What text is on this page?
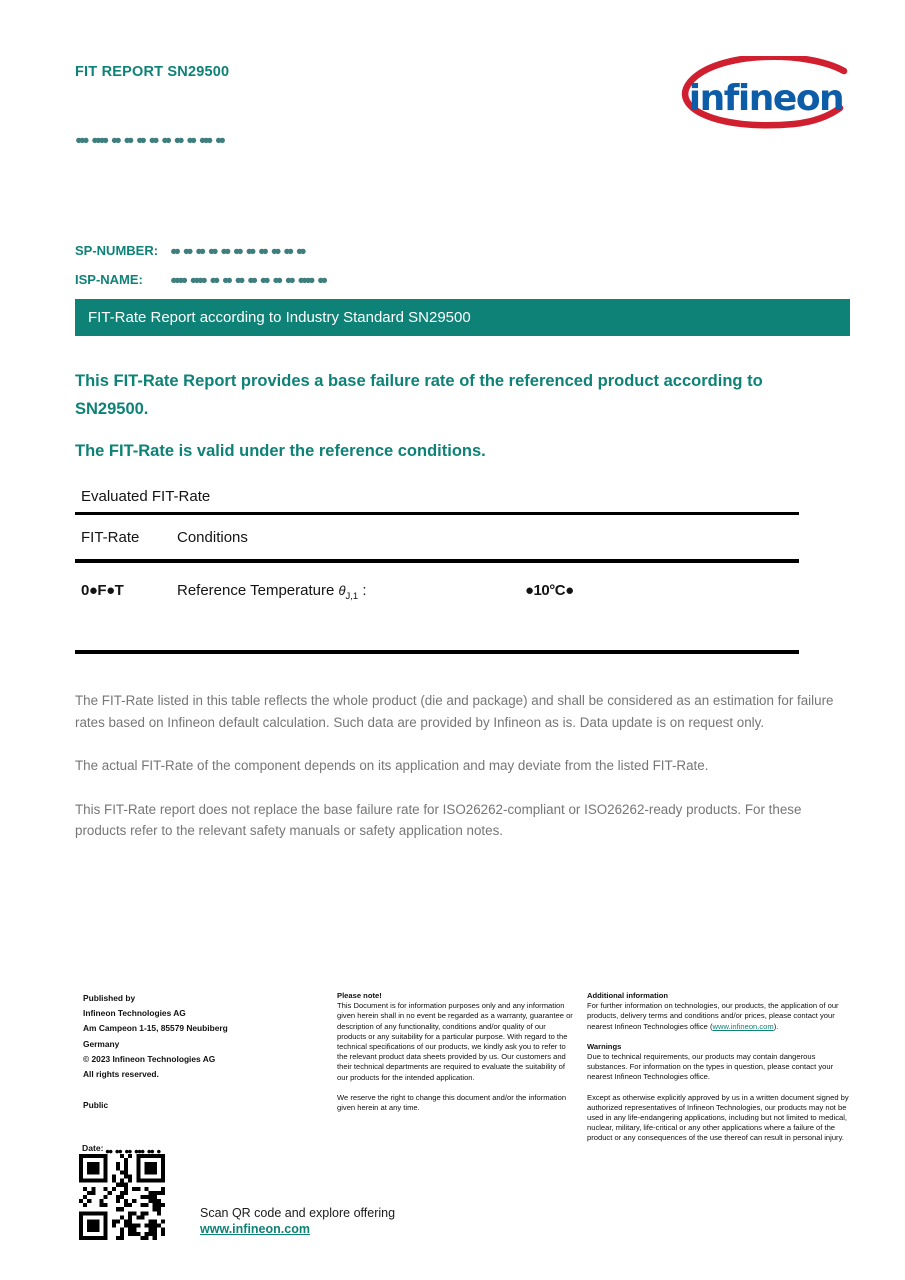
FIT REPORT SN29500
infineon
●●● ●●●● ●● ●● ●● ●● ●● ●● ●● ●●● ●●
SP-NUMBER: ●● ●● ●● ●● ●● ●● ●● ●● ●● ●● ●●
ISP-NAME:	●●●● ●●●● ●● ●● ●● ●● ●● ●● ●● ●●●● ●●
FIT-Rate Report according to Industry Standard SN29500
This FIT-Rate Report provides a base failure rate of the referenced product according to SN29500.
The FIT-Rate is valid under the reference conditions.
Evaluated FIT-Rate
FIT-Rate	Conditions
0●F●T	Reference Temperature $\theta_{J,1}$ :	●10°C●

The FIT-Rate listed in this table reflects the whole product (die and package) and shall be considered as an estimation for failure rates based on Infineon default calculation. Such data are provided by Infineon as is. Data update is on request only.

The actual FIT-Rate of the component depends on its application and may deviate from the listed FIT-Rate.

This FIT-Rate report does not replace the base failure rate for ISO26262-compliant or ISO26262-ready products. For these products refer to the relevant safety manuals or safety application notes.

Published by
Infineon Technologies AG
Am Campeon 1-15, 85579 Neubiberg
Germany
© 2023 Infineon Technologies AG
All rights reserved.
Public
Please note!

This Document is for information purposes only and any information given herein shall in no event be regarded as a warranty, guarantee or description of any functionality, conditions and/or quality of our products or any suitability for a particular purpose. With regard to the technical specifications of our products, we kindly ask you to refer to the relevant product data sheets provided by us. Our customers and their technical departments are required to evaluate the suitability of our products for the intended application.

We reserve the right to change this document and/or the information given herein at any time.

Additional information

For further information on technologies, our products, the application of our products, delivery terms and conditions and/or prices, please contact your nearest Infineon Technologies office (www.infineon.com).

Warnings

Due to technical requirements, our products may contain dangerous substances. For information on the types in question, please contact your nearest Infineon Technologies office.

Except as otherwise explicitly approved by us in a written document signed by authorized representatives of Infineon Technologies, our products may not be used in any life-endangering applications, including but not limited to medical, nuclear, military, life-critical or any other applications where a failure of the product or any consequences of the use thereof can result in personal injury.

Date: ●● ●● ●● ●●● ●● ●
Scan QR code and explore offering
www.infineon.com
